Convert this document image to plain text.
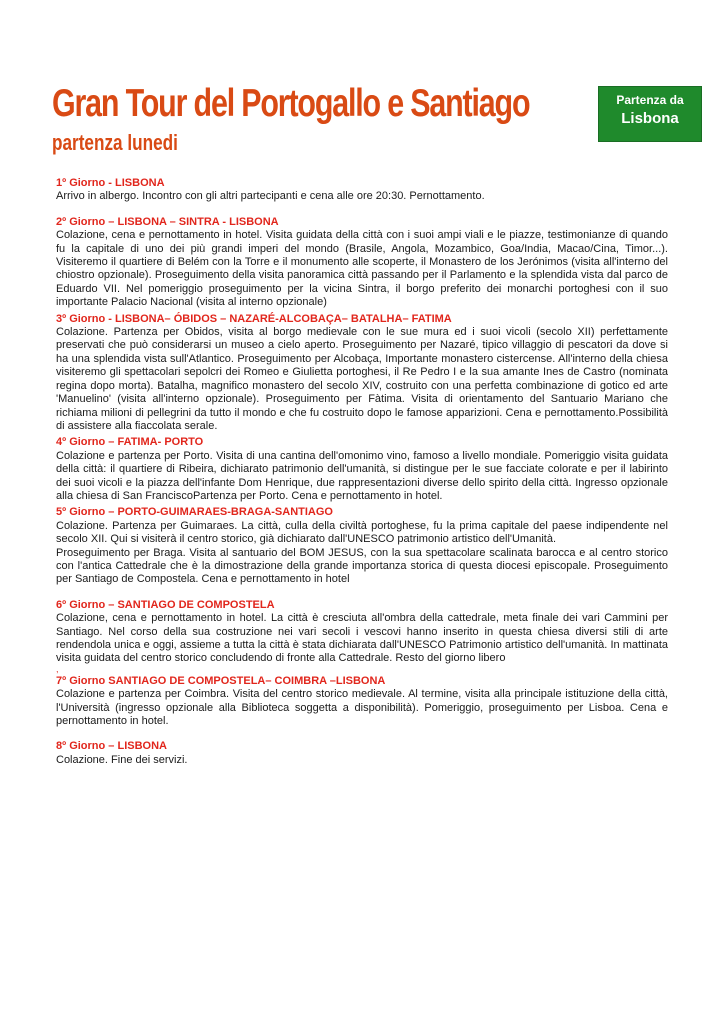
Gran Tour del Portogallo e Santiago
partenza lunedi
Partenza da
Lisbona

1º Giorno - LISBONA

Arrivo in albergo. Incontro con gli altri partecipanti e cena alle ore 20:30. Pernottamento.

2º Giorno – LISBONA – SINTRA - LISBONA

Colazione, cena e pernottamento in hotel. Visita guidata della città con i suoi ampi viali e le piazze, testimonianze di quando fu la capitale di uno dei più grandi imperi del mondo (Brasile, Angola, Mozambico, Goa/India, Macao/Cina, Timor...). Visiteremo il quartiere di Belém con la Torre e il monumento alle scoperte, il Monastero de los Jerónimos (visita all'interno del chiostro opzionale). Proseguimento della visita panoramica città passando per il Parlamento e la splendida vista dal parco de Eduardo VII. Nel pomeriggio proseguimento per la vicina Sintra, il borgo preferito dei monarchi portoghesi con il suo importante Palacio Nacional (visita al interno opzionale)

3º Giorno - LISBONA– ÓBIDOS – NAZARÉ-ALCOBAÇA– BATALHA– FATIMA

Colazione. Partenza per Obidos, visita al borgo medievale con le sue mura ed i suoi vicoli (secolo XII) perfettamente preservati che può considerarsi un museo a cielo aperto. Proseguimento per Nazaré, tipico villaggio di pescatori da dove si ha una splendida vista sull'Atlantico. Proseguimento per Alcobaça, Importante monastero cistercense. All'interno della chiesa visiteremo gli spettacolari sepolcri dei Romeo e Giulietta portoghesi, il Re Pedro I e la sua amante Ines de Castro (nominata regina dopo morta). Batalha, magnifico monastero del secolo XIV, costruito con una perfetta combinazione di gotico ed arte 'Manuelino' (visita all'interno opzionale). Proseguimento per Fàtima. Visita di orientamento del Santuario Mariano che richiama milioni di pellegrini da tutto il mondo e che fu costruito dopo le famose apparizioni. Cena e pernottamento.Possibilità di assistere alla fiaccolata serale.

4º Giorno – FATIMA- PORTO

Colazione e partenza per Porto. Visita di una cantina dell'omonimo vino, famoso a livello mondiale. Pomeriggio visita guidata della città: il quartiere di Ribeira, dichiarato patrimonio dell'umanità, si distingue per le sue facciate colorate e per il labirinto dei suoi vicoli e la piazza dell'infante Dom Henrique, due rappresentazioni diverse dello spirito della città. Ingresso opzionale alla chiesa di San FranciscoPartenza per Porto. Cena e pernottamento in hotel.

5º Giorno – PORTO-GUIMARAES-BRAGA-SANTIAGO

Colazione. Partenza per Guimaraes. La città, culla della civiltà portoghese, fu la prima capitale del paese indipendente nel secolo XII. Qui si visiterà il centro storico, già dichiarato dall'UNESCO patrimonio artistico dell'Umanità.

Proseguimento per Braga. Visita al santuario del BOM JESUS, con la sua spettacolare scalinata barocca e al centro storico con l'antica Cattedrale che è la dimostrazione della grande importanza storica di questa diocesi episcopale. Proseguimento per Santiago de Compostela. Cena e pernottamento in hotel

6º Giorno – SANTIAGO DE COMPOSTELA

Colazione, cena e pernottamento in hotel. La città è cresciuta all'ombra della cattedrale, meta finale dei vari Cammini per Santiago. Nel corso della sua costruzione nei vari secoli i vescovi hanno inserito in questa chiesa diversi stili di arte rendendola unica e oggi, assieme a tutta la città è stata dichiarata dall'UNESCO Patrimonio artistico dell'umanità. In mattinata visita guidata del centro storico concludendo di fronte alla Cattedrale. Resto del giorno libero

,

7º Giorno SANTIAGO DE COMPOSTELA– COIMBRA –LISBONA

Colazione e partenza per Coimbra. Visita del centro storico medievale. Al termine, visita alla principale istituzione della città, l'Università (ingresso opzionale alla Biblioteca soggetta a disponibilità). Pomeriggio, proseguimento per Lisboa. Cena e pernottamento in hotel.

8º Giorno – LISBONA

Colazione. Fine dei servizi.
